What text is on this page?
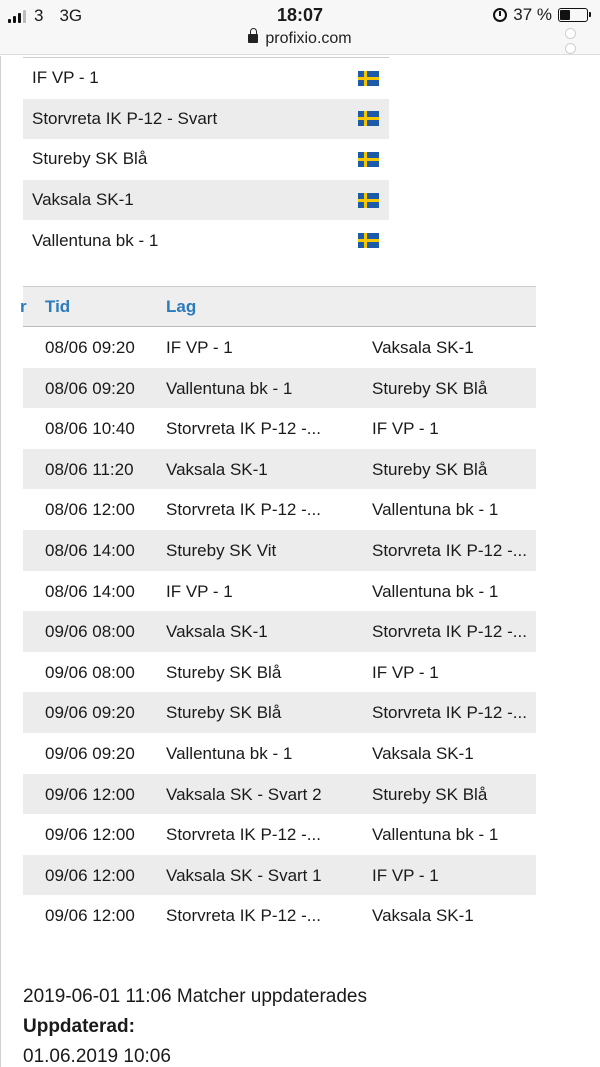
3 3G	18:07	37 %
profixio.com
IF VP - 1
Storvreta IK P-12 - Svart
Stureby SK Blå
Vaksala SK-1
Vallentuna bk - 1
r Tid	Lag
08/06 09:20	IF VP - 1	Vaksala SK-1
08/06 09:20	Vallentuna bk - 1	Stureby SK Blå
08/06 10:40	Storvreta IK P-12 -...	IF VP - 1
08/06 11:20	Vaksala SK-1	Stureby SK Blå
08/06 12:00	Storvreta IK P-12 -...	Vallentuna bk - 1
08/06 14:00	Stureby SK Vit	Storvreta IK P-12 -...
08/06 14:00	IF VP - 1	Vallentuna bk - 1
09/06 08:00	Vaksala SK-1	Storvreta IK P-12 -...
09/06 08:00	Stureby SK Blå	IF VP - 1
09/06 09:20	Stureby SK Blå	Storvreta IK P-12 -...
09/06 09:20	Vallentuna bk - 1	Vaksala SK-1
09/06 12:00	Vaksala SK - Svart 2	Stureby SK Blå
09/06 12:00	Storvreta IK P-12 -...	Vallentuna bk - 1
09/06 12:00	Vaksala SK - Svart 1	IF VP - 1
09/06 12:00	Storvreta IK P-12 -...	Vaksala SK-1
2019-06-01 11:06 Matcher uppdaterades
Uppdaterad:
01.06.2019 10:06
